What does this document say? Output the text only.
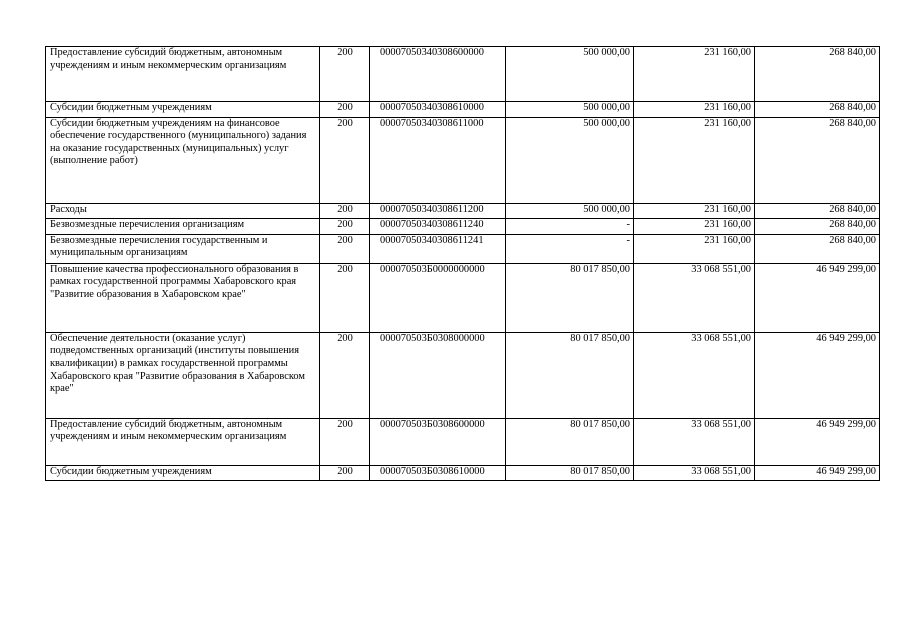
Предоставление субсидий бюджетным, автономным учреждениям и иным некоммерческим организациям	200	00007050340308600000	500 000,00	231 160,00	268 840,00
Субсидии бюджетным учреждениям	200	00007050340308610000	500 000,00	231 160,00	268 840,00
Субсидии бюджетным учреждениям на финансовое обеспечение государственного (муниципального) задания на оказание государственных (муниципальных) услуг (выполнение работ)	200	00007050340308611000	500 000,00	231 160,00	268 840,00
Расходы	200	00007050340308611200	500 000,00	231 160,00	268 840,00
Безвозмездные перечисления организациям	200	00007050340308611240	-	231 160,00	268 840,00
Безвозмездные перечисления государственным и муниципальным организациям	200	00007050340308611241	-	231 160,00	268 840,00
Повышение качества профессионального образования в рамках государственной программы Хабаровского края "Развитие образования в Хабаровском крае"	200	000070503Б0000000000	80 017 850,00	33 068 551,00	46 949 299,00
Обеспечение деятельности (оказание услуг) подведомственных организаций (институты повышения квалификации) в рамках государственной программы Хабаровского края "Развитие образования в Хабаровском крае"	200	000070503Б0308000000	80 017 850,00	33 068 551,00	46 949 299,00
Предоставление субсидий бюджетным, автономным учреждениям и иным некоммерческим организациям	200	000070503Б0308600000	80 017 850,00	33 068 551,00	46 949 299,00
Субсидии бюджетным учреждениям	200	000070503Б0308610000	80 017 850,00	33 068 551,00	46 949 299,00
